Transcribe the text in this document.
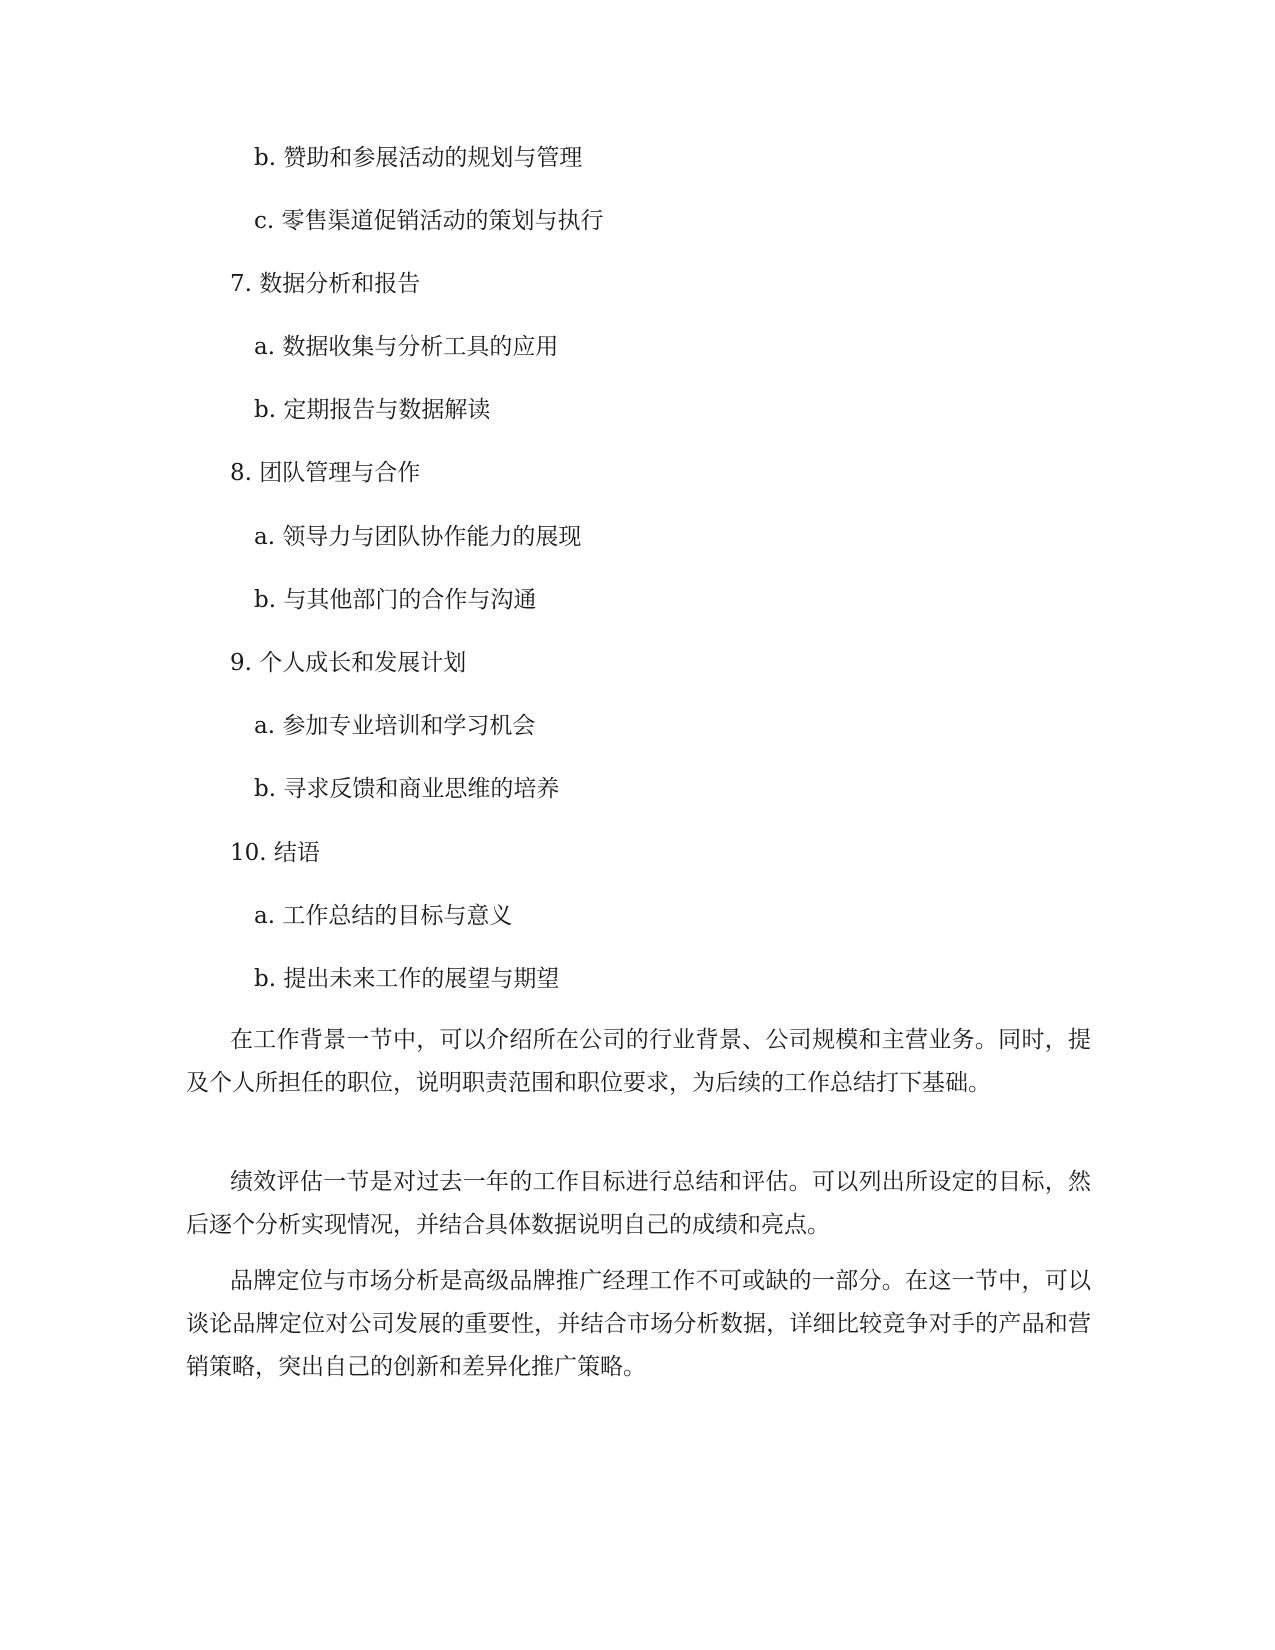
b. 赞助和参展活动的规划与管理

c. 零售渠道促销活动的策划与执行

7. 数据分析和报告

a. 数据收集与分析工具的应用

b. 定期报告与数据解读

8. 团队管理与合作

a. 领导力与团队协作能力的展现

b. 与其他部门的合作与沟通

9. 个人成长和发展计划

a. 参加专业培训和学习机会

b. 寻求反馈和商业思维的培养

10. 结语

a. 工作总结的目标与意义

b. 提出未来工作的展望与期望

在工作背景一节中，可以介绍所在公司的行业背景、公司规模和主营业务。同时，提及个人所担任的职位，说明职责范围和职位要求，为后续的工作总结打下基础。

绩效评估一节是对过去一年的工作目标进行总结和评估。可以列出所设定的目标，然后逐个分析实现情况，并结合具体数据说明自己的成绩和亮点。

品牌定位与市场分析是高级品牌推广经理工作不可或缺的一部分。在这一节中，可以谈论品牌定位对公司发展的重要性，并结合市场分析数据，详细比较竞争对手的产品和营销策略，突出自己的创新和差异化推广策略。
